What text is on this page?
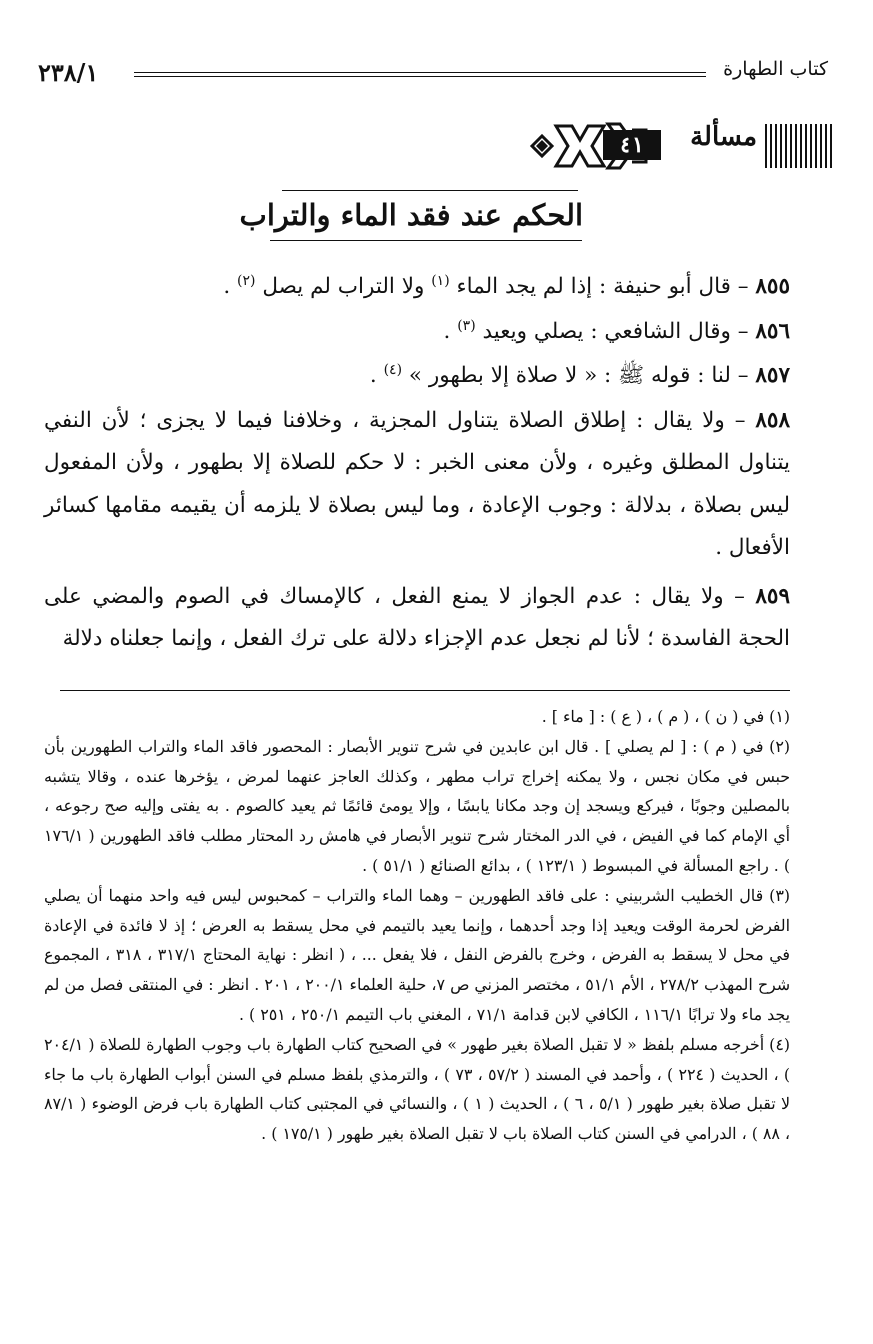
كتاب الطهارة
٢٣٨/١
مسألة
٤١
الحكم عند فقد الماء والتراب

٨٥٥ – قال أبو حنيفة : إذا لم يجد الماء $^{(١)}$ ولا التراب لم يصل $^{(٢)}$ .

٨٥٦ – وقال الشافعي : يصلي ويعيد $^{(٣)}$ .

٨٥٧ – لنا : قوله ﷺ : « لا صلاة إلا بطهور » $^{(٤)}$ .

٨٥٨ – ولا يقال : إطلاق الصلاة يتناول المجزية ، وخلافنا فيما لا يجزى ؛ لأن النفي يتناول المطلق وغيره ، ولأن معنى الخبر : لا حكم للصلاة إلا بطهور ، ولأن المفعول ليس بصلاة ، بدلالة : وجوب الإعادة ، وما ليس بصلاة لا يلزمه أن يقيمه مقامها كسائر الأفعال .

٨٥٩ – ولا يقال : عدم الجواز لا يمنع الفعل ، كالإمساك في الصوم والمضي على الحجة الفاسدة ؛ لأنا لم نجعل عدم الإجزاء دلالة على ترك الفعل ، وإنما جعلناه دلالة

(١) في ( ن ) ، ( م ) ، ( ع ) : [ ماء ] .

(٢) في ( م ) : [ لم يصلي ] . قال ابن عابدين في شرح تنوير الأبصار : المحصور فاقد الماء والتراب الطهورين بأن حبس في مكان نجس ، ولا يمكنه إخراج تراب مطهر ، وكذلك العاجز عنهما لمرض ، يؤخرها عنده ، وقالا يتشبه بالمصلين وجوبًا ، فيركع ويسجد إن وجد مكانا يابسًا ، وإلا يومئ قائمًا ثم يعيد كالصوم . به يفتى وإليه صح رجوعه ، أي الإمام كما في الفيض ، في الدر المختار شرح تنوير الأبصار في هامش رد المحتار مطلب فاقد الطهورين ( ١٧٦/١ ) . راجع المسألة في المبسوط ( ١٢٣/١ ) ، بدائع الصنائع ( ٥١/١ ) .

(٣) قال الخطيب الشربيني : على فاقد الطهورين – وهما الماء والتراب – كمحبوس ليس فيه واحد منهما أن يصلي الفرض لحرمة الوقت ويعيد إذا وجد أحدهما ، وإنما يعيد بالتيمم في محل يسقط به العرض ؛ إذ لا فائدة في الإعادة في محل لا يسقط به الفرض ، وخرج بالفرض النفل ، فلا يفعل ... ، ( انظر : نهاية المحتاج ٣١٧/١ ، ٣١٨ ، المجموع شرح المهذب ٢٧٨/٢ ، الأم ٥١/١ ، مختصر المزني ص ٧، حلية العلماء ٢٠٠/١ ، ٢٠١ . انظر : في المنتقى فصل من لم يجد ماء ولا ترابًا ١١٦/١ ، الكافي لابن قدامة ٧١/١ ، المغني باب التيمم ٢٥٠/١ ، ٢٥١ ) .

(٤) أخرجه مسلم بلفظ « لا تقبل الصلاة بغير طهور » في الصحيح كتاب الطهارة باب وجوب الطهارة للصلاة ( ٢٠٤/١ ) ، الحديث ( ٢٢٤ ) ، وأحمد في المسند ( ٥٧/٢ ، ٧٣ ) ، والترمذي بلفظ مسلم في السنن أبواب الطهارة باب ما جاء لا تقبل صلاة بغير طهور ( ٥/١ ، ٦ ) ، الحديث ( ١ ) ، والنسائي في المجتبى كتاب الطهارة باب فرض الوضوء ( ٨٧/١ ، ٨٨ ) ، الدرامي في السنن كتاب الصلاة باب لا تقبل الصلاة بغير طهور ( ١٧٥/١ ) .
